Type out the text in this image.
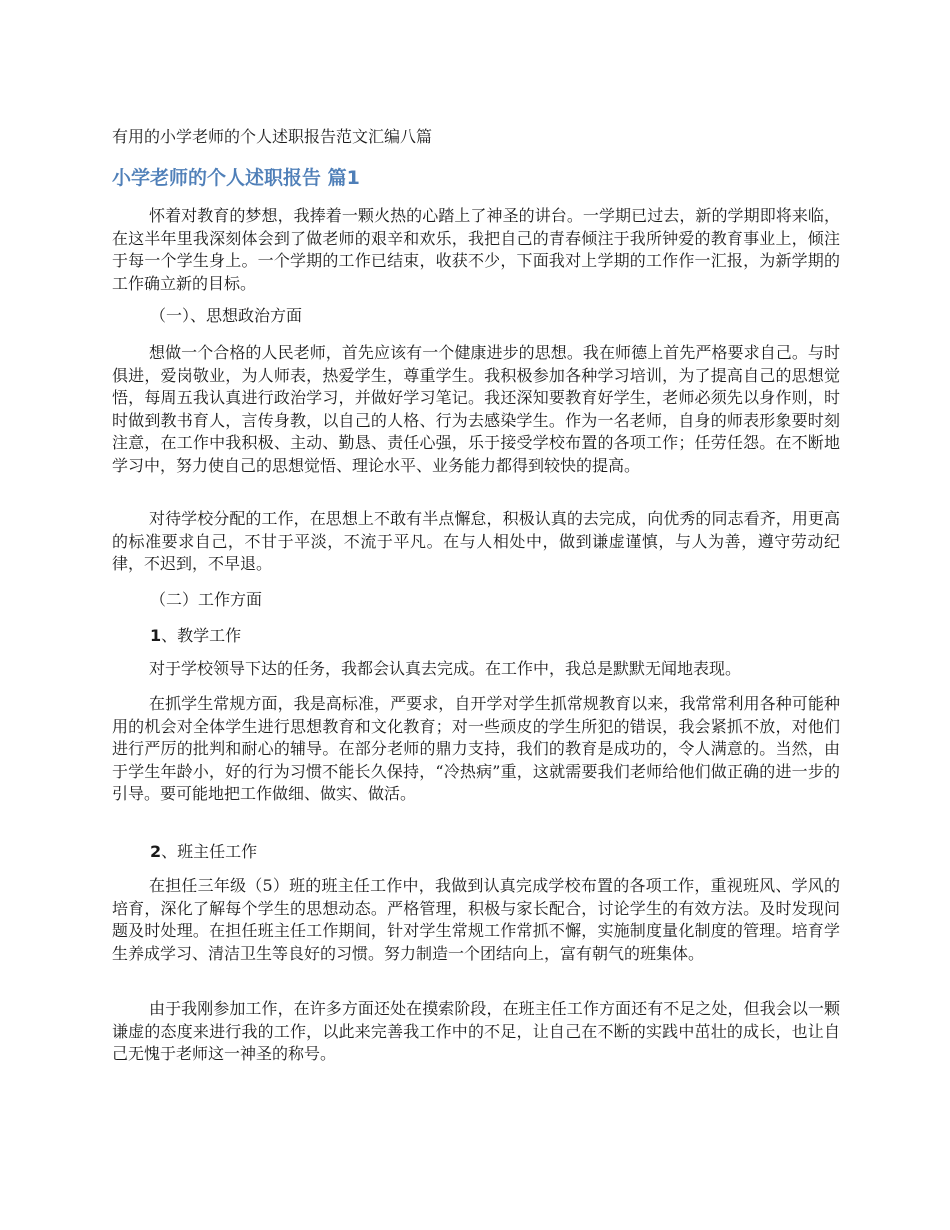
有用的小学老师的个人述职报告范文汇编八篇
小学老师的个人述职报告 篇1

怀着对教育的梦想，我捧着一颗火热的心踏上了神圣的讲台。一学期已过去，新的学期即将来临，在这半年里我深刻体会到了做老师的艰辛和欢乐，我把自己的青春倾注于我所钟爱的教育事业上，倾注于每一个学生身上。一个学期的工作已结束，收获不少，下面我对上学期的工作作一汇报，为新学期的工作确立新的目标。

（一）、思想政治方面

想做一个合格的人民老师，首先应该有一个健康进步的思想。我在师德上首先严格要求自己。与时俱进，爱岗敬业，为人师表，热爱学生，尊重学生。我积极参加各种学习培训，为了提高自己的思想觉悟，每周五我认真进行政治学习，并做好学习笔记。我还深知要教育好学生，老师必须先以身作则，时时做到教书育人，言传身教，以自己的人格、行为去感染学生。作为一名老师，自身的师表形象要时刻注意，在工作中我积极、主动、勤恳、责任心强，乐于接受学校布置的各项工作；任劳任怨。在不断地学习中，努力使自己的思想觉悟、理论水平、业务能力都得到较快的提高。

对待学校分配的工作，在思想上不敢有半点懈怠，积极认真的去完成，向优秀的同志看齐，用更高的标准要求自己，不甘于平淡，不流于平凡。在与人相处中，做到谦虚谨慎，与人为善，遵守劳动纪律，不迟到，不早退。

（二）工作方面
1、教学工作

对于学校领导下达的任务，我都会认真去完成。在工作中，我总是默默无闻地表现。

在抓学生常规方面，我是高标准，严要求，自开学对学生抓常规教育以来，我常常利用各种可能种用的机会对全体学生进行思想教育和文化教育；对一些顽皮的学生所犯的错误，我会紧抓不放，对他们进行严厉的批判和耐心的辅导。在部分老师的鼎力支持，我们的教育是成功的，令人满意的。当然，由于学生年龄小，好的行为习惯不能长久保持，“冷热病”重，这就需要我们老师给他们做正确的进一步的引导。要可能地把工作做细、做实、做活。

2、班主任工作

在担任三年级（5）班的班主任工作中，我做到认真完成学校布置的各项工作，重视班风、学风的培育，深化了解每个学生的思想动态。严格管理，积极与家长配合，讨论学生的有效方法。及时发现问题及时处理。在担任班主任工作期间，针对学生常规工作常抓不懈，实施制度量化制度的管理。培育学生养成学习、清洁卫生等良好的习惯。努力制造一个团结向上，富有朝气的班集体。

由于我刚参加工作，在许多方面还处在摸索阶段，在班主任工作方面还有不足之处，但我会以一颗谦虚的态度来进行我的工作，以此来完善我工作中的不足，让自己在不断的实践中茁壮的成长，也让自己无愧于老师这一神圣的称号。
